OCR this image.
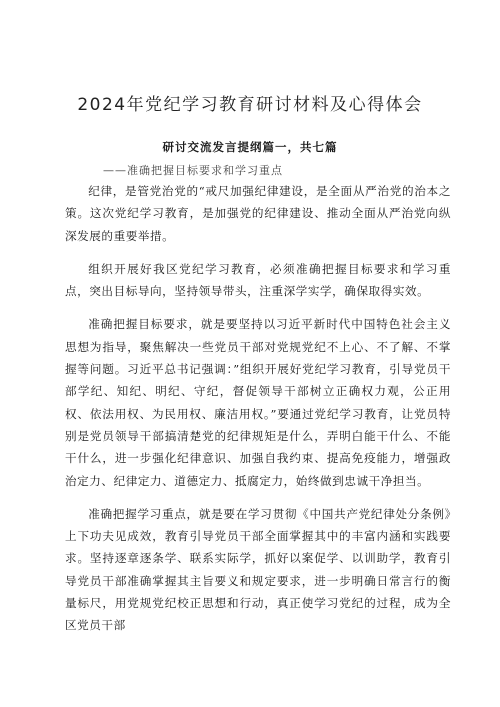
2024年党纪学习教育研讨材料及心得体会
研讨交流发言提纲篇一，共七篇
——准确把握目标要求和学习重点

纪律，是管党治党的“戒尺加强纪律建设，是全面从严治党的治本之策。这次党纪学习教育，是加强党的纪律建设、推动全面从严治党向纵深发展的重要举措。

组织开展好我区党纪学习教育，必须准确把握目标要求和学习重点，突出目标导向，坚持领导带头，注重深学实学，确保取得实效。

准确把握目标要求，就是要坚持以习近平新时代中国特色社会主义思想为指导，聚焦解决一些党员干部对党规党纪不上心、不了解、不掌握等问题。习近平总书记强调：”组织开展好党纪学习教育，引导党员干部学纪、知纪、明纪、守纪，督促领导干部树立正确权力观，公正用权、依法用权、为民用权、廉洁用权。”要通过党纪学习教育，让党员特别是党员领导干部搞清楚党的纪律规矩是什么，弄明白能干什么、不能干什么，进一步强化纪律意识、加强自我约束、提高免疫能力，增强政治定力、纪律定力、道德定力、抵腐定力，始终做到忠诚干净担当。

准确把握学习重点，就是要在学习贯彻《中国共产党纪律处分条例》上下功夫见成效，教育引导党员干部全面掌握其中的丰富内涵和实践要求。坚持逐章逐条学、联系实际学，抓好以案促学、以训助学，教育引导党员干部准确掌握其主旨要义和规定要求，进一步明确日常言行的衡量标尺，用党规党纪校正思想和行动，真正使学习党纪的过程，成为全区党员干部
